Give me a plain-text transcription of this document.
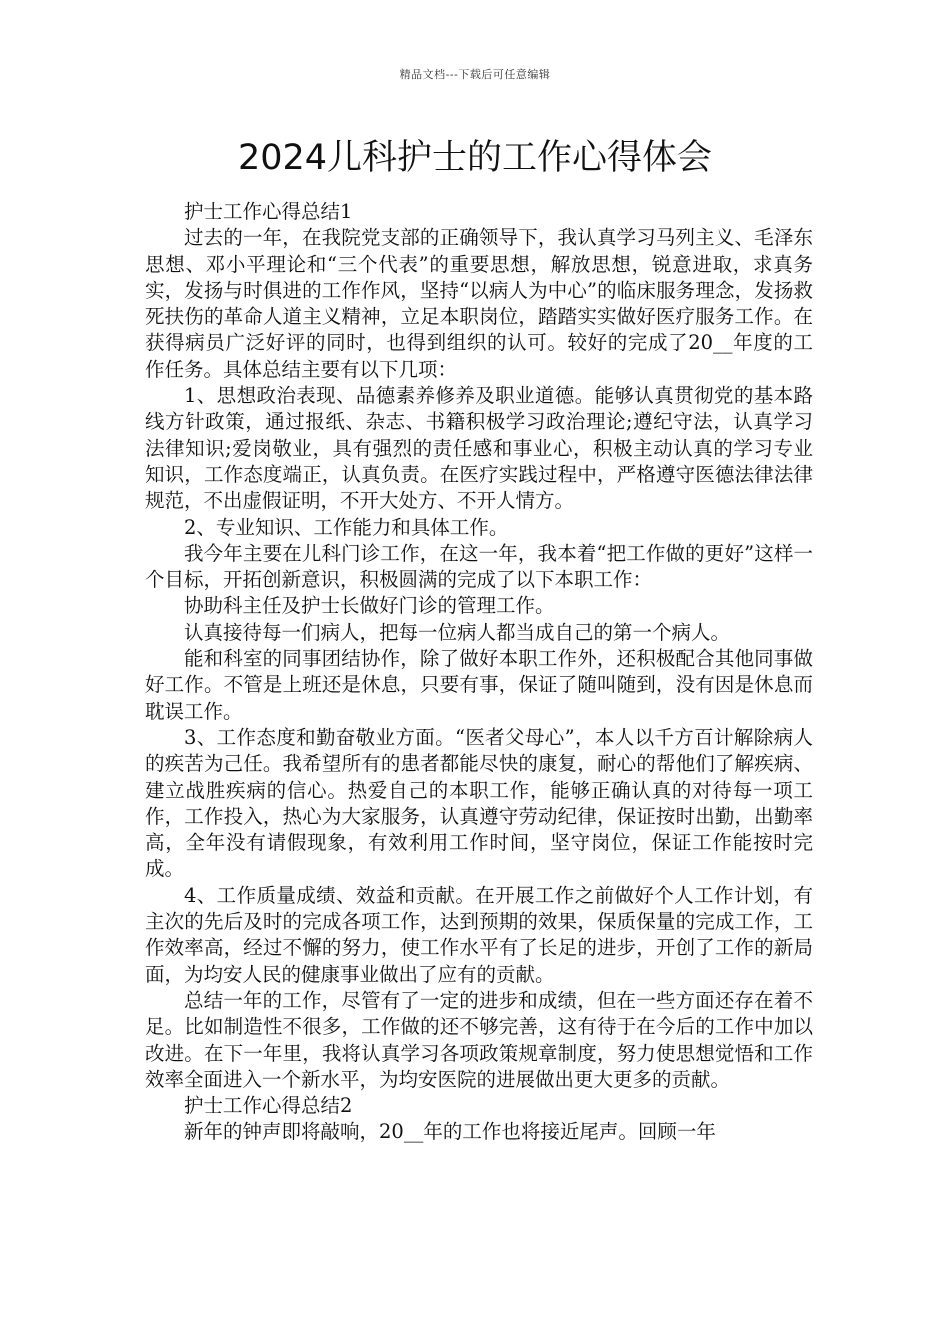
精品文档---下载后可任意编辑
2024儿科护士的工作心得体会

护士工作心得总结1

过去的一年，在我院党支部的正确领导下，我认真学习马列主义、毛泽东思想、邓小平理论和“三个代表”的重要思想，解放思想，锐意进取，求真务实，发扬与时俱进的工作作风，坚持“以病人为中心”的临床服务理念，发扬救死扶伤的革命人道主义精神，立足本职岗位，踏踏实实做好医疗服务工作。在获得病员广泛好评的同时，也得到组织的认可。较好的完成了20__年度的工作任务。具体总结主要有以下几项：

1、思想政治表现、品德素养修养及职业道德。能够认真贯彻党的基本路线方针政策，通过报纸、杂志、书籍积极学习政治理论;遵纪守法，认真学习法律知识;爱岗敬业，具有强烈的责任感和事业心，积极主动认真的学习专业知识，工作态度端正，认真负责。在医疗实践过程中，严格遵守医德法律法律规范，不出虚假证明，不开大处方、不开人情方。

2、专业知识、工作能力和具体工作。

我今年主要在儿科门诊工作，在这一年，我本着“把工作做的更好”这样一个目标，开拓创新意识，积极圆满的完成了以下本职工作：

协助科主任及护士长做好门诊的管理工作。

认真接待每一们病人，把每一位病人都当成自己的第一个病人。

能和科室的同事团结协作，除了做好本职工作外，还积极配合其他同事做好工作。不管是上班还是休息，只要有事，保证了随叫随到，没有因是休息而耽误工作。

3、工作态度和勤奋敬业方面。“医者父母心”，本人以千方百计解除病人的疾苦为己任。我希望所有的患者都能尽快的康复，耐心的帮他们了解疾病、建立战胜疾病的信心。热爱自己的本职工作，能够正确认真的对待每一项工作，工作投入，热心为大家服务，认真遵守劳动纪律，保证按时出勤，出勤率高，全年没有请假现象，有效利用工作时间，坚守岗位，保证工作能按时完成。

4、工作质量成绩、效益和贡献。在开展工作之前做好个人工作计划，有主次的先后及时的完成各项工作，达到预期的效果，保质保量的完成工作，工作效率高，经过不懈的努力，使工作水平有了长足的进步，开创了工作的新局面，为均安人民的健康事业做出了应有的贡献。

总结一年的工作，尽管有了一定的进步和成绩，但在一些方面还存在着不足。比如制造性不很多，工作做的还不够完善，这有待于在今后的工作中加以改进。在下一年里，我将认真学习各项政策规章制度，努力使思想觉悟和工作效率全面进入一个新水平，为均安医院的进展做出更大更多的贡献。

护士工作心得总结2

新年的钟声即将敲响，20__年的工作也将接近尾声。回顾一年
